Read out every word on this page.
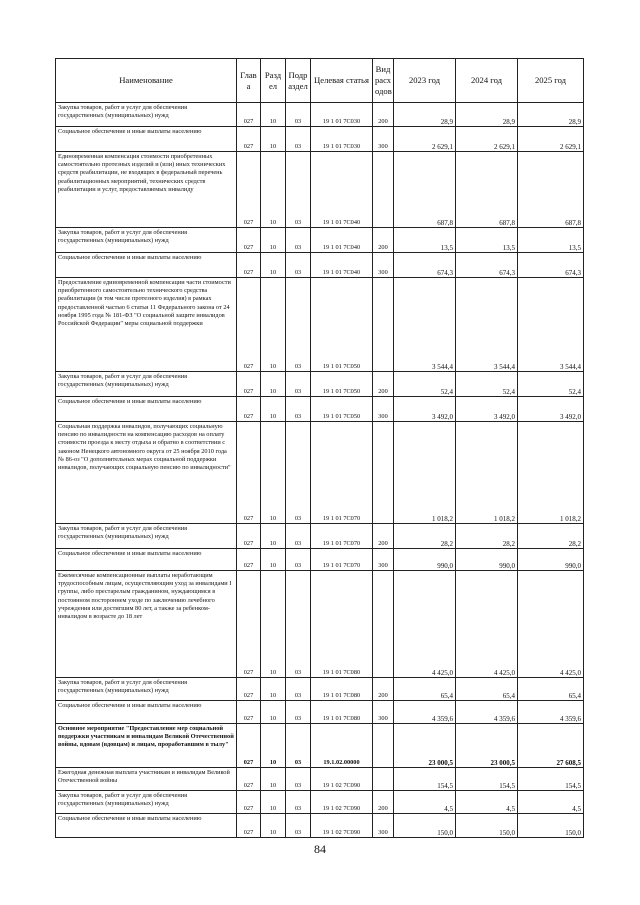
Наименование	Глав а	Разд ел	Подр аздел	Целевая статья	Вид расх одов	2023 год	2024 год	2025 год
Закупка товаров, работ и услуг для обеспечения государственных (муниципальных) нужд	027	10	03	19 1 01 7С030	200	28,9	28,9	28,9
Социальное обеспечение и иные выплаты населению	027	10	03	19 1 01 7С030	300	2 629,1	2 629,1	2 629,1
Единовременная компенсация стоимости приобретенных самостоятельно протезных изделий и (или) иных технических средств реабилитации, не входящих в федеральный перечень реабилитационных мероприятий, технических средств реабилитации и услуг, предоставляемых инвалиду	027	10	03	19 1 01 7С040		687,8	687,8	687,8
Закупка товаров, работ и услуг для обеспечения государственных (муниципальных) нужд	027	10	03	19 1 01 7С040	200	13,5	13,5	13,5
Социальное обеспечение и иные выплаты населению	027	10	03	19 1 01 7С040	300	674,3	674,3	674,3
Предоставление единовременной компенсации части стоимости приобретенного самостоятельно технического средства реабилитации (в том числе протезного изделия) в рамках предоставленной частью 6 статьи 11 Федерального закона от 24 ноября 1995 года № 181-ФЗ "О социальной защите инвалидов Российской Федерации" меры социальной поддержки	027	10	03	19 1 01 7С050		3 544,4	3 544,4	3 544,4
Закупка товаров, работ и услуг для обеспечения государственных (муниципальных) нужд	027	10	03	19 1 01 7С050	200	52,4	52,4	52,4
Социальное обеспечение и иные выплаты населению	027	10	03	19 1 01 7С050	300	3 492,0	3 492,0	3 492,0
Социальная поддержка инвалидов, получающих социальную пенсию по инвалидности на компенсацию расходов на оплату стоимости проезда к месту отдыха и обратно в соответствии с законом Ненецкого автономного округа от 25 ноября 2010 года № 86-оз "О дополнительных мерах социальной поддержки инвалидов, получающих социальную пенсию по инвалидности"	027	10	03	19 1 01 7С070		1 018,2	1 018,2	1 018,2
Закупка товаров, работ и услуг для обеспечения государственных (муниципальных) нужд	027	10	03	19 1 01 7С070	200	28,2	28,2	28,2
Социальное обеспечение и иные выплаты населению	027	10	03	19 1 01 7С070	300	990,0	990,0	990,0
Ежемесячные компенсационные выплаты неработающим трудоспособным лицам, осуществляющим уход за инвалидами I группы, либо престарелым гражданином, нуждающимся в постоянном постороннем уходе по заключению лечебного учреждения или достигшим 80 лет, а также за ребенком-инвалидом в возрасте до 18 лет	027	10	03	19 1 01 7С080		4 425,0	4 425,0	4 425,0
Закупка товаров, работ и услуг для обеспечения государственных (муниципальных) нужд	027	10	03	19 1 01 7С080	200	65,4	65,4	65,4
Социальное обеспечение и иные выплаты населению	027	10	03	19 1 01 7С080	300	4 359,6	4 359,6	4 359,6
Основное мероприятие "Предоставление мер социальной поддержки участникам и инвалидам Великой Отечественной войны, вдовам (вдовцам) и лицам, проработавшим в тылу"	027	10	03	19.1.02.00000		23 000,5	23 000,5	27 608,5
Ежегодная денежная выплата участникам и инвалидам Великой Отечественной войны	027	10	03	19 1 02 7С090		154,5	154,5	154,5
Закупка товаров, работ и услуг для обеспечения государственных (муниципальных) нужд	027	10	03	19 1 02 7С090	200	4,5	4,5	4,5
Социальное обеспечение и иные выплаты населению	027	10	03	19 1 02 7С090	300	150,0	150,0	150,0
84
